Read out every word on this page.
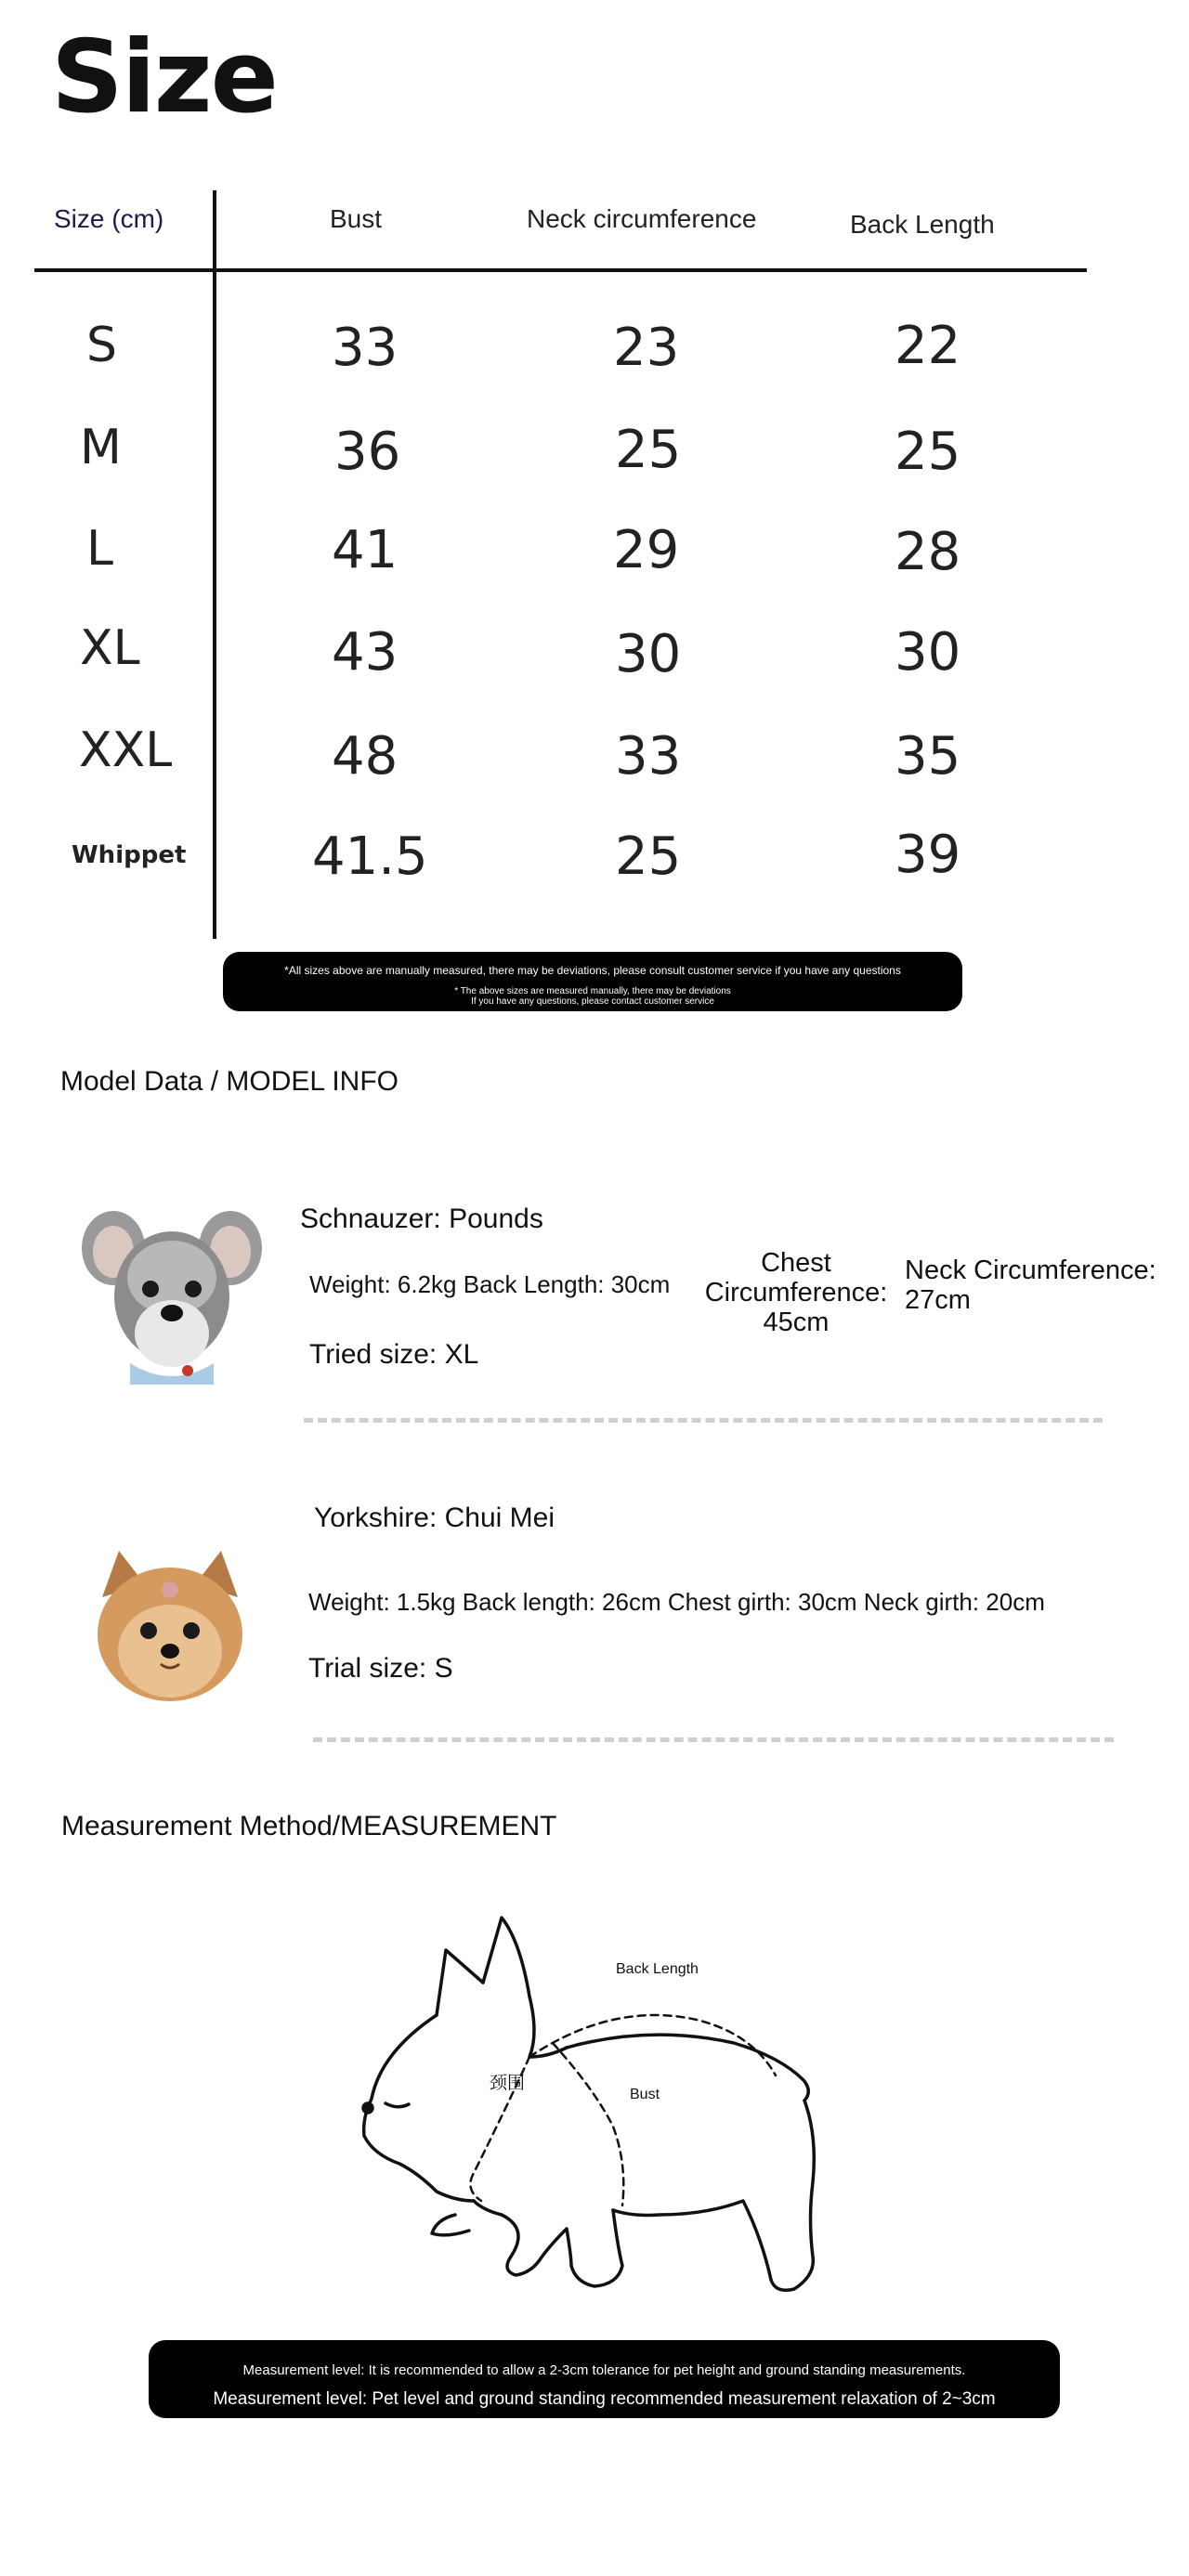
Size
Size (cm)	Bust	Neck circumference	Back Length
S	33	23	22
M	36	25	25
L	41	29	28
XL	43	30	30
XXL	48	33	35
Whippet 41.5	25	39
*All sizes above are manually measured, there may be deviations, please consult customer service if you have any questions
* The above sizes are measured manually, there may be deviations
If you have any questions, please contact customer service
Model Data / MODEL INFO
Schnauzer: Pounds
Weight: 6.2kg Back Length: 30cm
Chest
Circumference:
45cm
Neck Circumference:
27cm
Tried size: XL
Yorkshire: Chui Mei
Weight: 1.5kg Back length: 26cm Chest girth: 30cm Neck girth: 20cm
Trial size: S
Measurement Method/MEASUREMENT
Back Length
颈围
Bust
Measurement level: It is recommended to allow a 2-3cm tolerance for pet height and ground standing measurements.
Measurement level: Pet level and ground standing recommended measurement relaxation of 2~3cm
